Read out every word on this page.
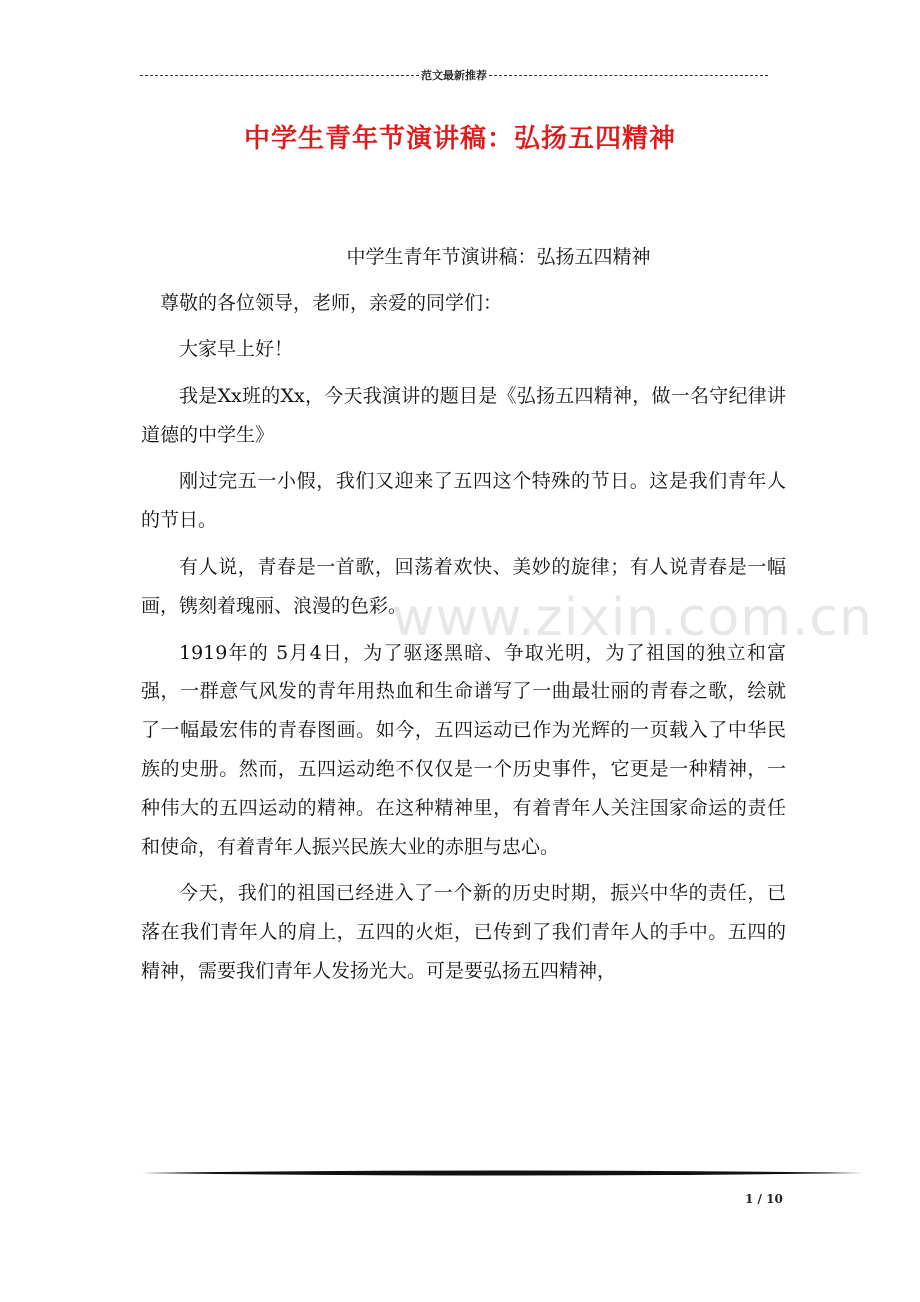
范文最新推荐
中学生青年节演讲稿：弘扬五四精神
www.zixin.com.cn

中学生青年节演讲稿：弘扬五四精神

尊敬的各位领导，老师，亲爱的同学们：

大家早上好！

我是Xx班的Xx，今天我演讲的题目是《弘扬五四精神，做一名守纪律讲道德的中学生》

刚过完五一小假，我们又迎来了五四这个特殊的节日。这是我们青年人的节日。

有人说，青春是一首歌，回荡着欢快、美妙的旋律；有人说青春是一幅画，镌刻着瑰丽、浪漫的色彩。

1919年的 5月4日，为了驱逐黑暗、争取光明，为了祖国的独立和富强，一群意气风发的青年用热血和生命谱写了一曲最壮丽的青春之歌，绘就了一幅最宏伟的青春图画。如今，五四运动已作为光辉的一页载入了中华民族的史册。然而，五四运动绝不仅仅是一个历史事件，它更是一种精神，一种伟大的五四运动的精神。在这种精神里，有着青年人关注国家命运的责任和使命，有着青年人振兴民族大业的赤胆与忠心。

今天，我们的祖国已经进入了一个新的历史时期，振兴中华的责任，已落在我们青年人的肩上，五四的火炬，已传到了我们青年人的手中。五四的精神，需要我们青年人发扬光大。可是要弘扬五四精神，

1 / 10
